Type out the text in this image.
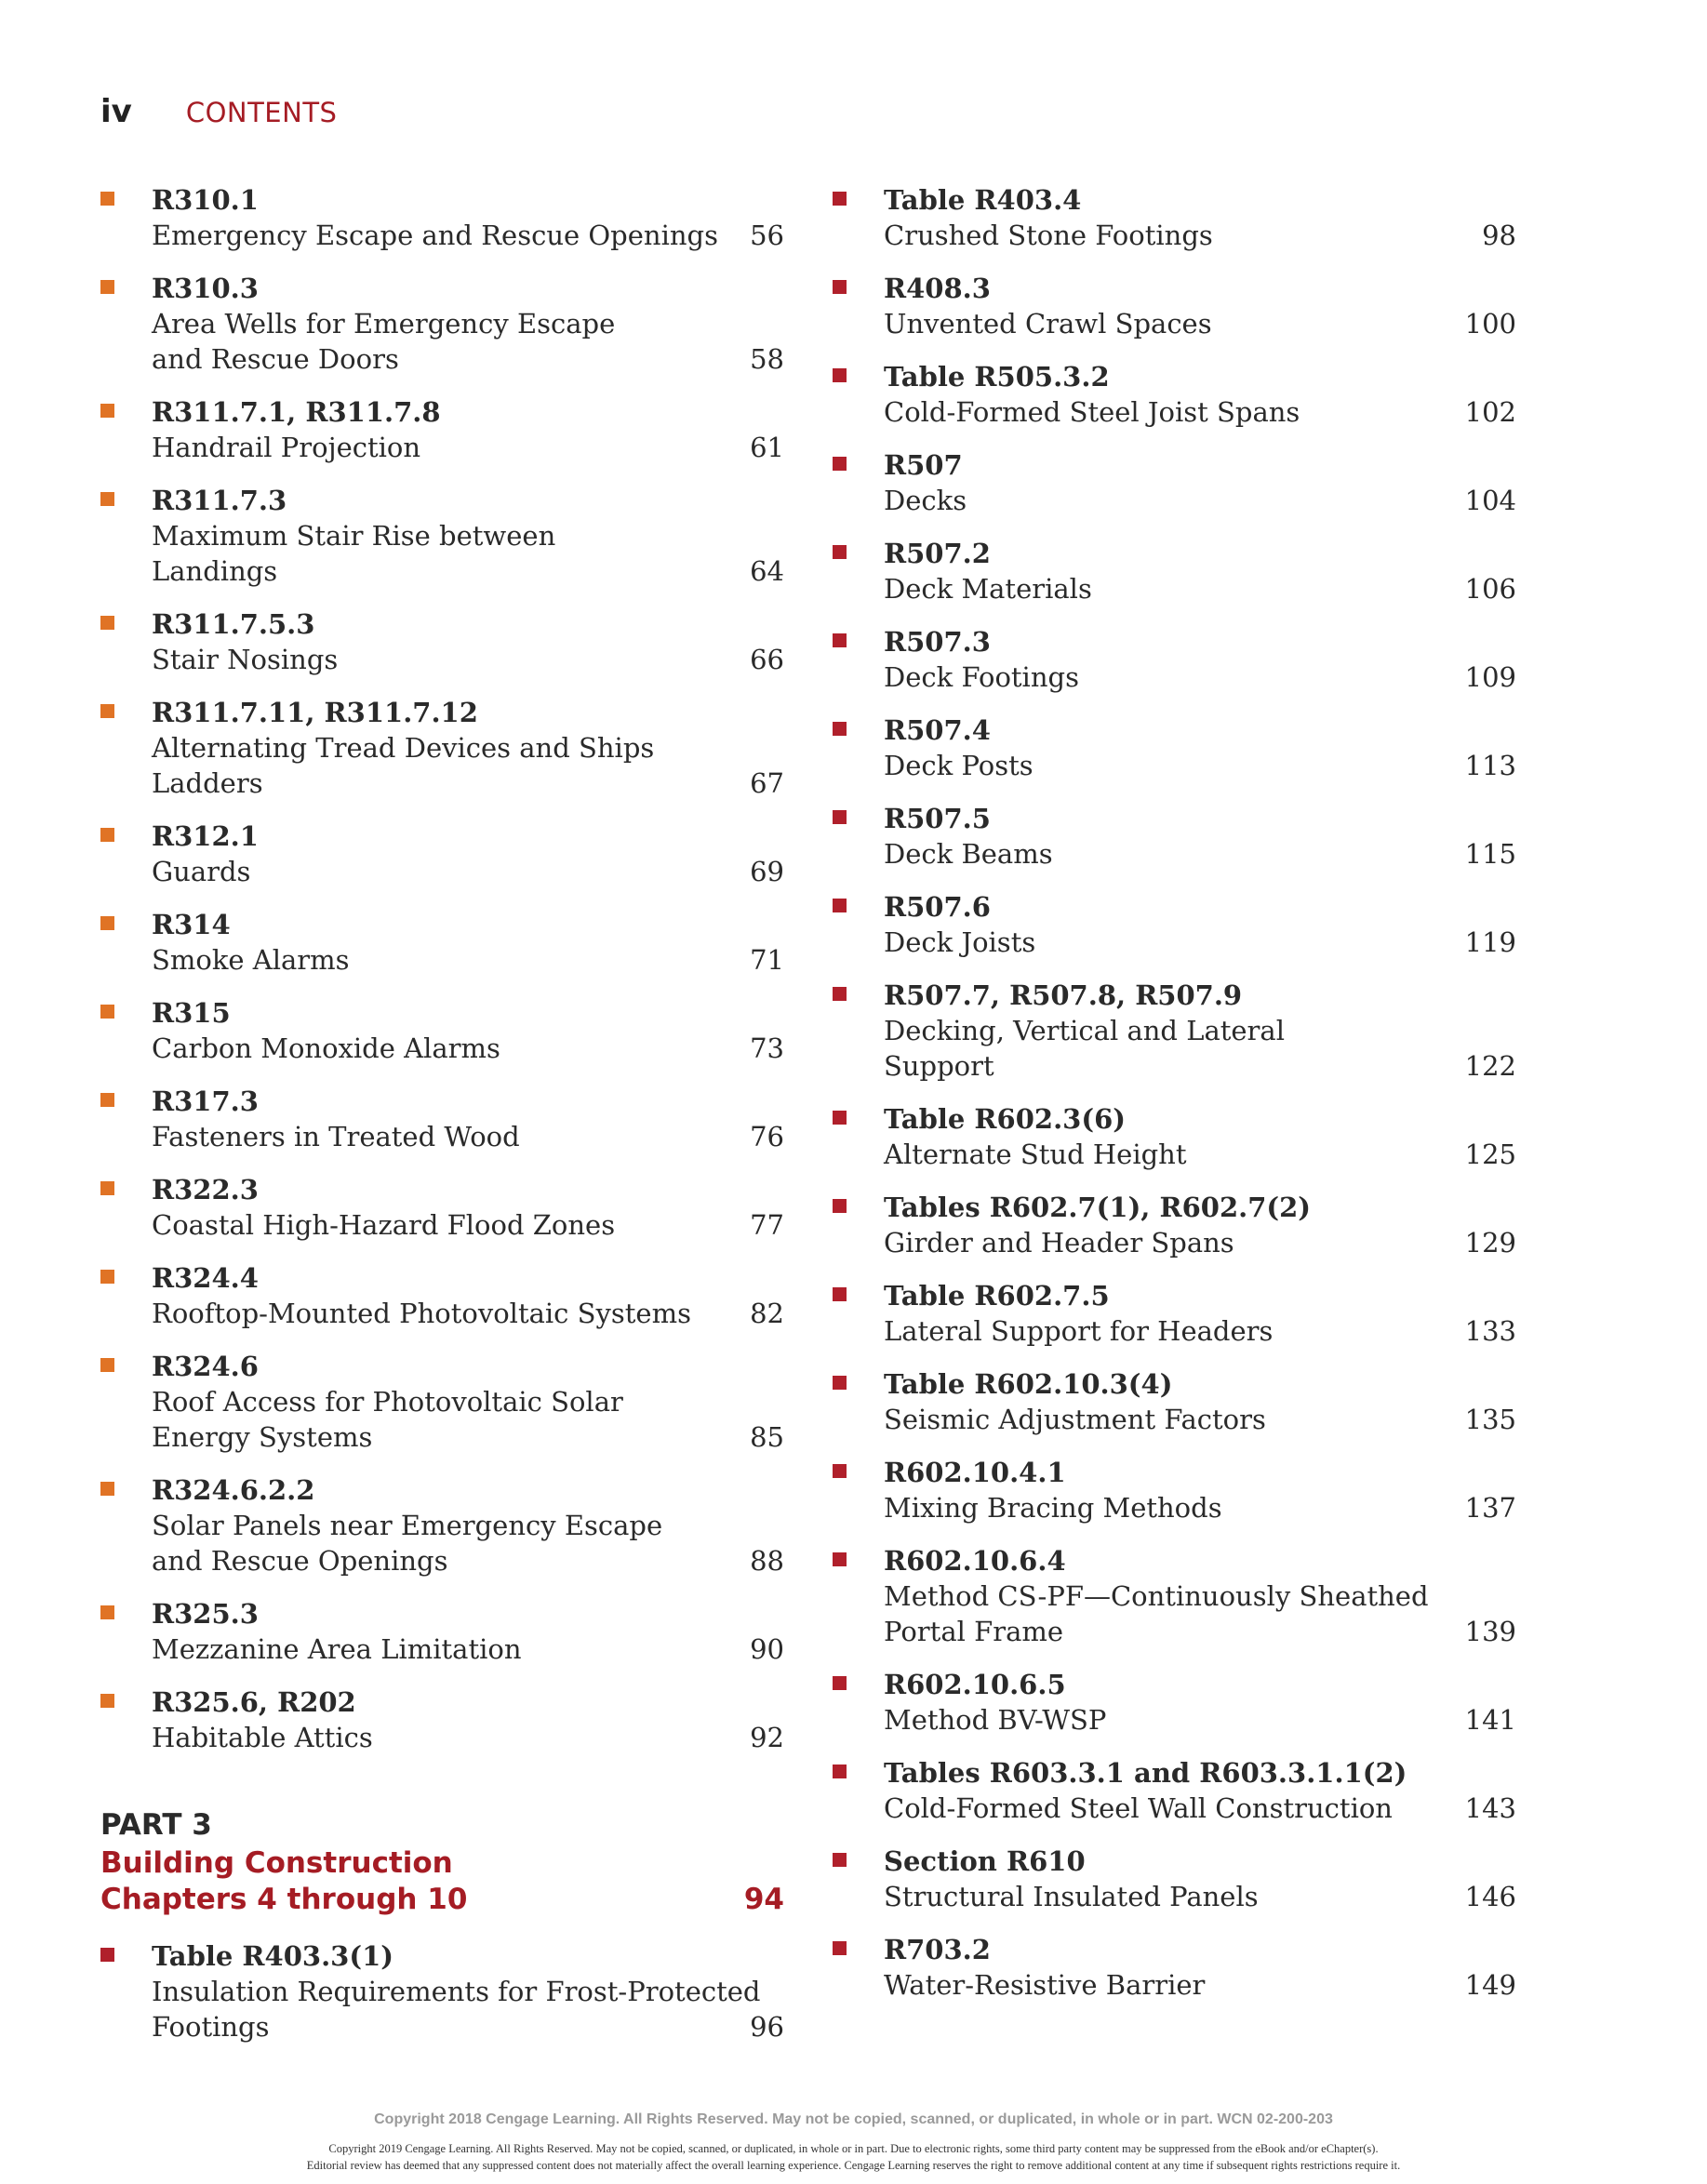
iv CONTENTS
PART 3
Building Construction
Chapters 4 through 10	94
R310.1
Emergency Escape and Rescue Openings 56
R310.3
Area Wells for Emergency Escape
and Rescue Doors	58
R311.7.1, R311.7.8
Handrail Projection	61
R311.7.3
Maximum Stair Rise between
Landings	64
R311.7.5.3
Stair Nosings	66
R311.7.11, R311.7.12
Alternating Tread Devices and Ships
Ladders	67
R312.1
Guards	69
R314
Smoke Alarms	71
R315
Carbon Monoxide Alarms	73
R317.3
Fasteners in Treated Wood	76
R322.3
Coastal High-Hazard Flood Zones	77
R324.4
Rooftop-Mounted Photovoltaic Systems 82
R324.6
Roof Access for Photovoltaic Solar
Energy Systems	85
R324.6.2.2
Solar Panels near Emergency Escape
and Rescue Openings	88
R325.3
Mezzanine Area Limitation	90
R325.6, R202
Habitable Attics	92
Table R403.3(1)
Insulation Requirements for Frost-Protected
Footings	96
Table R403.4
Crushed Stone Footings	98
R408.3
Unvented Crawl Spaces	100
Table R505.3.2
Cold-Formed Steel Joist Spans	102
R507
Decks	104
R507.2
Deck Materials	106
R507.3
Deck Footings	109
R507.4
Deck Posts	113
R507.5
Deck Beams	115
R507.6
Deck Joists	119
R507.7, R507.8, R507.9
Decking, Vertical and Lateral
Support	122
Table R602.3(6)
Alternate Stud Height	125
Tables R602.7(1), R602.7(2)
Girder and Header Spans	129
Table R602.7.5
Lateral Support for Headers	133
Table R602.10.3(4)
Seismic Adjustment Factors	135
R602.10.4.1
Mixing Bracing Methods	137
R602.10.6.4
Method CS-PF—Continuously Sheathed
Portal Frame	139
R602.10.6.5
Method BV-WSP	141
Tables R603.3.1 and R603.3.1.1(2)
Cold-Formed Steel Wall Construction	143
Section R610
Structural Insulated Panels	146
R703.2
Water-Resistive Barrier	149
Copyright 2018 Cengage Learning. All Rights Reserved. May not be copied, scanned, or duplicated, in whole or in part. WCN 02-200-203
Copyright 2019 Cengage Learning. All Rights Reserved. May not be copied, scanned, or duplicated, in whole or in part. Due to electronic rights, some third party content may be suppressed from the eBook and/or eChapter(s).
Editorial review has deemed that any suppressed content does not materially affect the overall learning experience. Cengage Learning reserves the right to remove additional content at any time if subsequent rights restrictions require it.
